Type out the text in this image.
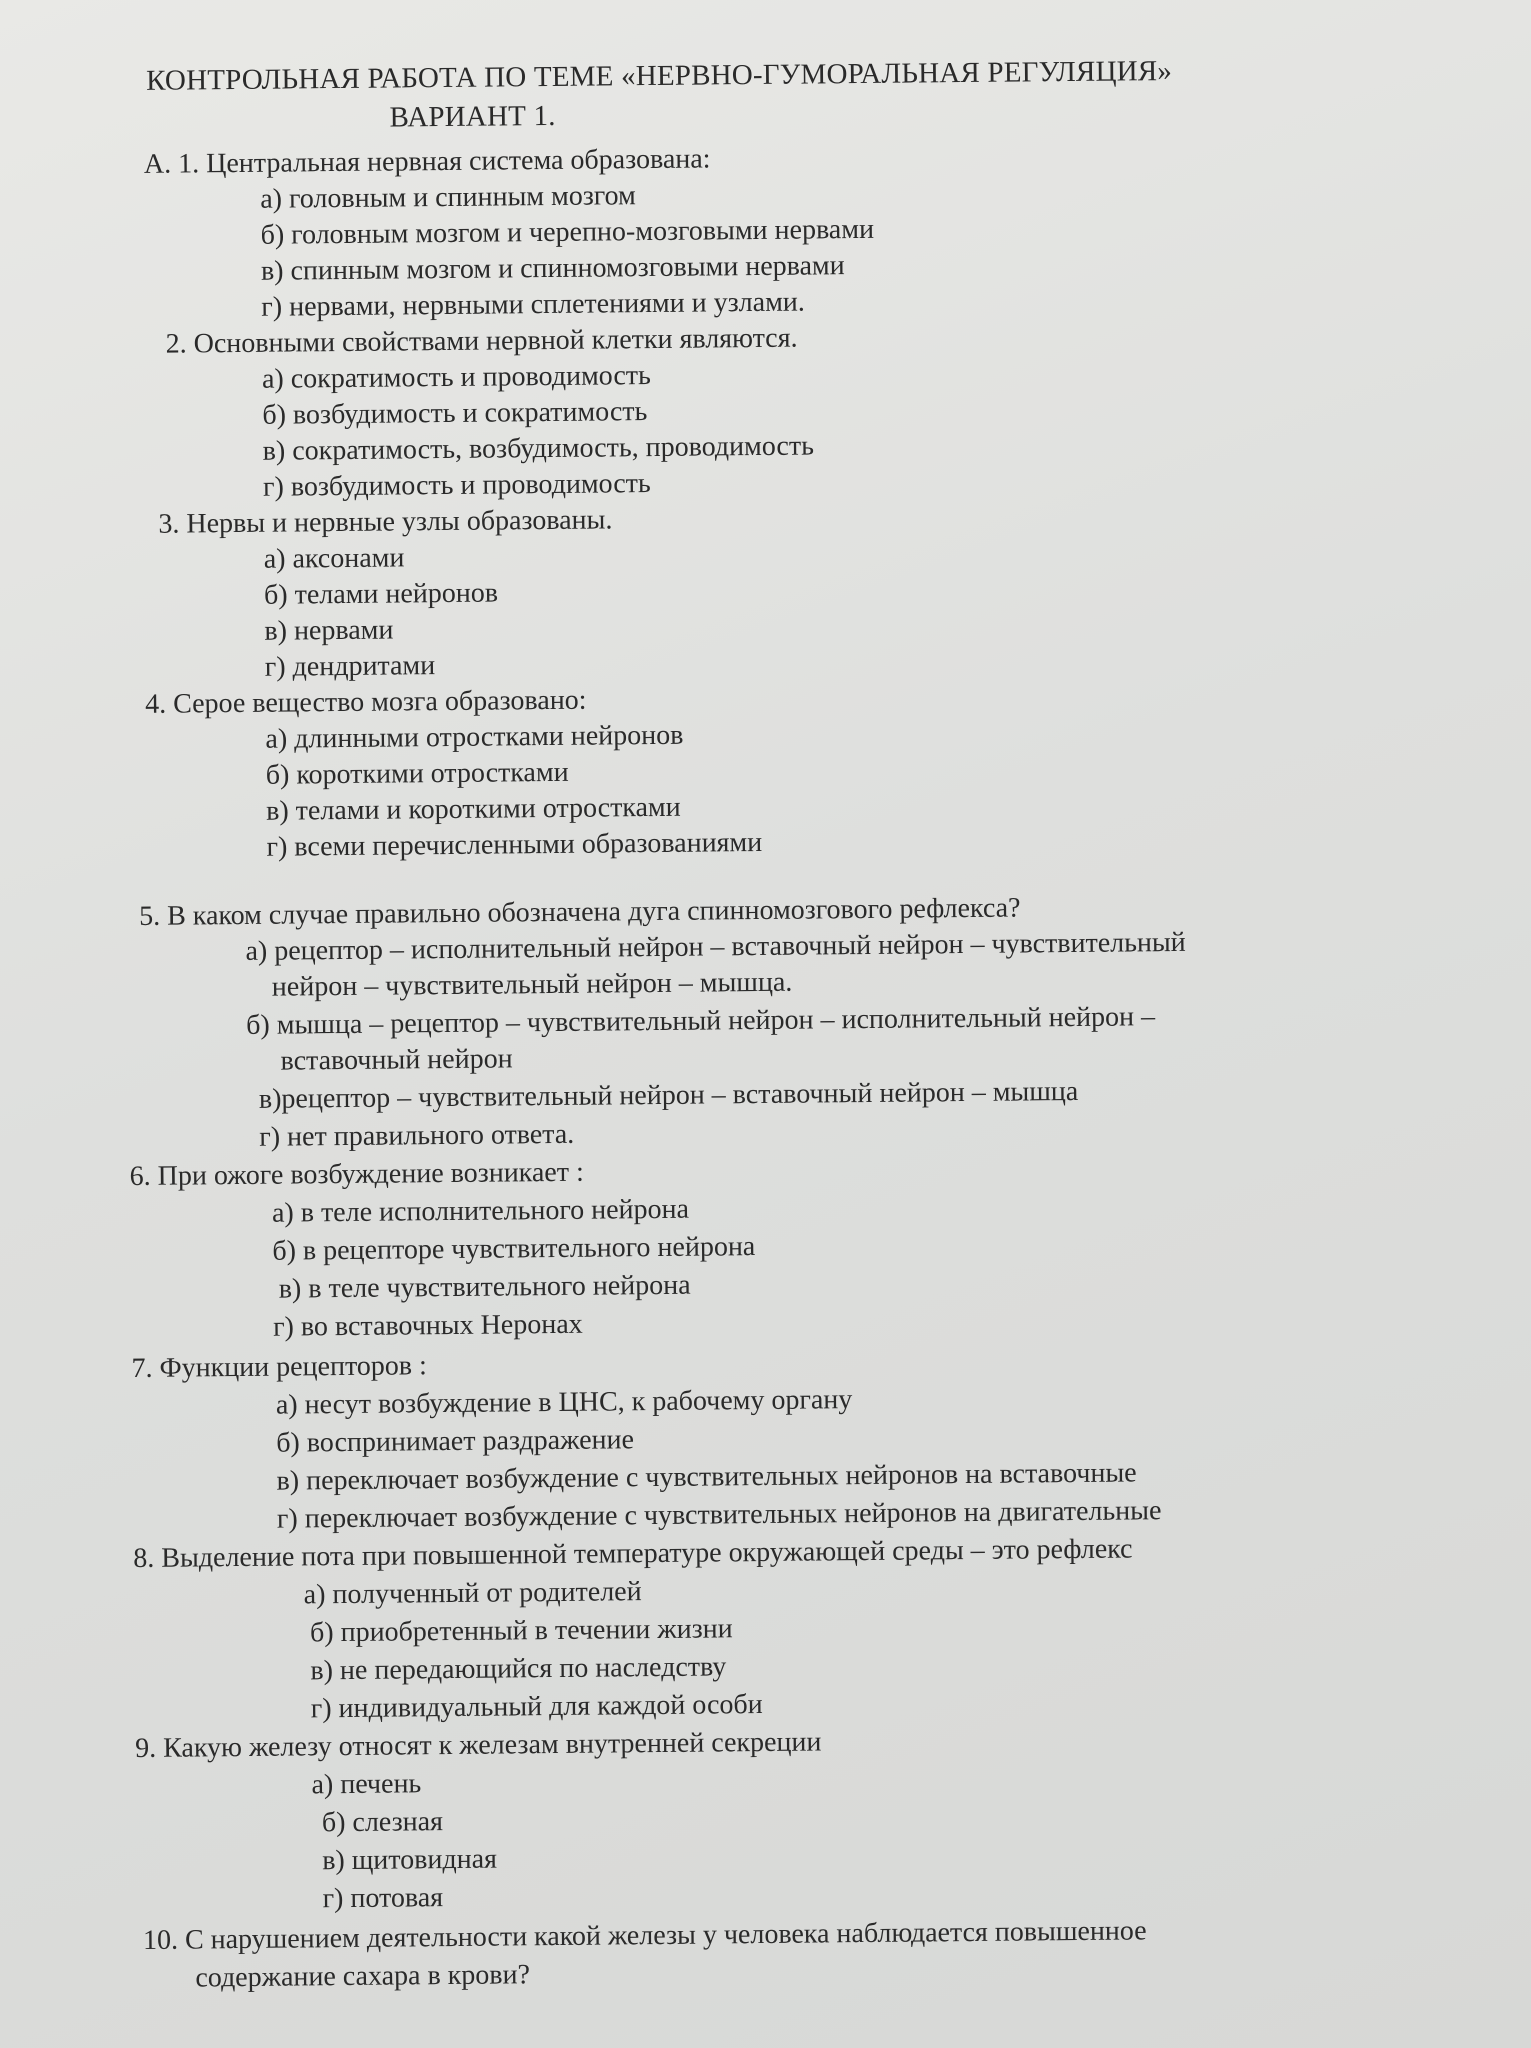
КОНТРОЛЬНАЯ РАБОТА ПО ТЕМЕ «НЕРВНО-ГУМОРАЛЬНАЯ РЕГУЛЯЦИЯ»
ВАРИАНТ 1.
А. 1. Центральная нервная система образована:
а) головным и спинным мозгом
б) головным мозгом и черепно-мозговыми нервами
в) спинным мозгом и спинномозговыми нервами
г) нервами, нервными сплетениями и узлами.
2. Основными свойствами нервной клетки являются.
а) сократимость и проводимость
б) возбудимость и сократимость
в) сократимость, возбудимость, проводимость
г) возбудимость и проводимость
3. Нервы и нервные узлы образованы.
а) аксонами
б) телами нейронов
в) нервами
г) дендритами
4. Серое вещество мозга образовано:
а) длинными отростками нейронов
б) короткими отростками
в) телами и короткими отростками
г) всеми перечисленными образованиями
5. В каком случае правильно обозначена дуга спинномозгового рефлекса?
а) рецептор – исполнительный нейрон – вставочный нейрон – чувствительный
нейрон – чувствительный нейрон – мышца.
б) мышца – рецептор – чувствительный нейрон – исполнительный нейрон –
вставочный нейрон
в)рецептор – чувствительный нейрон – вставочный нейрон – мышца
г) нет правильного ответа.
6. При ожоге возбуждение возникает :
а) в теле исполнительного нейрона
б) в рецепторе чувствительного нейрона
в) в теле чувствительного нейрона
г) во вставочных Неронах
7. Функции рецепторов :
а) несут возбуждение в ЦНС, к рабочему органу
б) воспринимает раздражение
в) переключает возбуждение с чувствительных нейронов на вставочные
г) переключает возбуждение с чувствительных нейронов на двигательные
8. Выделение пота при повышенной температуре окружающей среды – это рефлекс
а) полученный от родителей
б) приобретенный в течении жизни
в) не передающийся по наследству
г) индивидуальный для каждой особи
9. Какую железу относят к железам внутренней секреции
а) печень
б) слезная
в) щитовидная
г) потовая
10. С нарушением деятельности какой железы у человека наблюдается повышенное
содержание сахара в крови?
